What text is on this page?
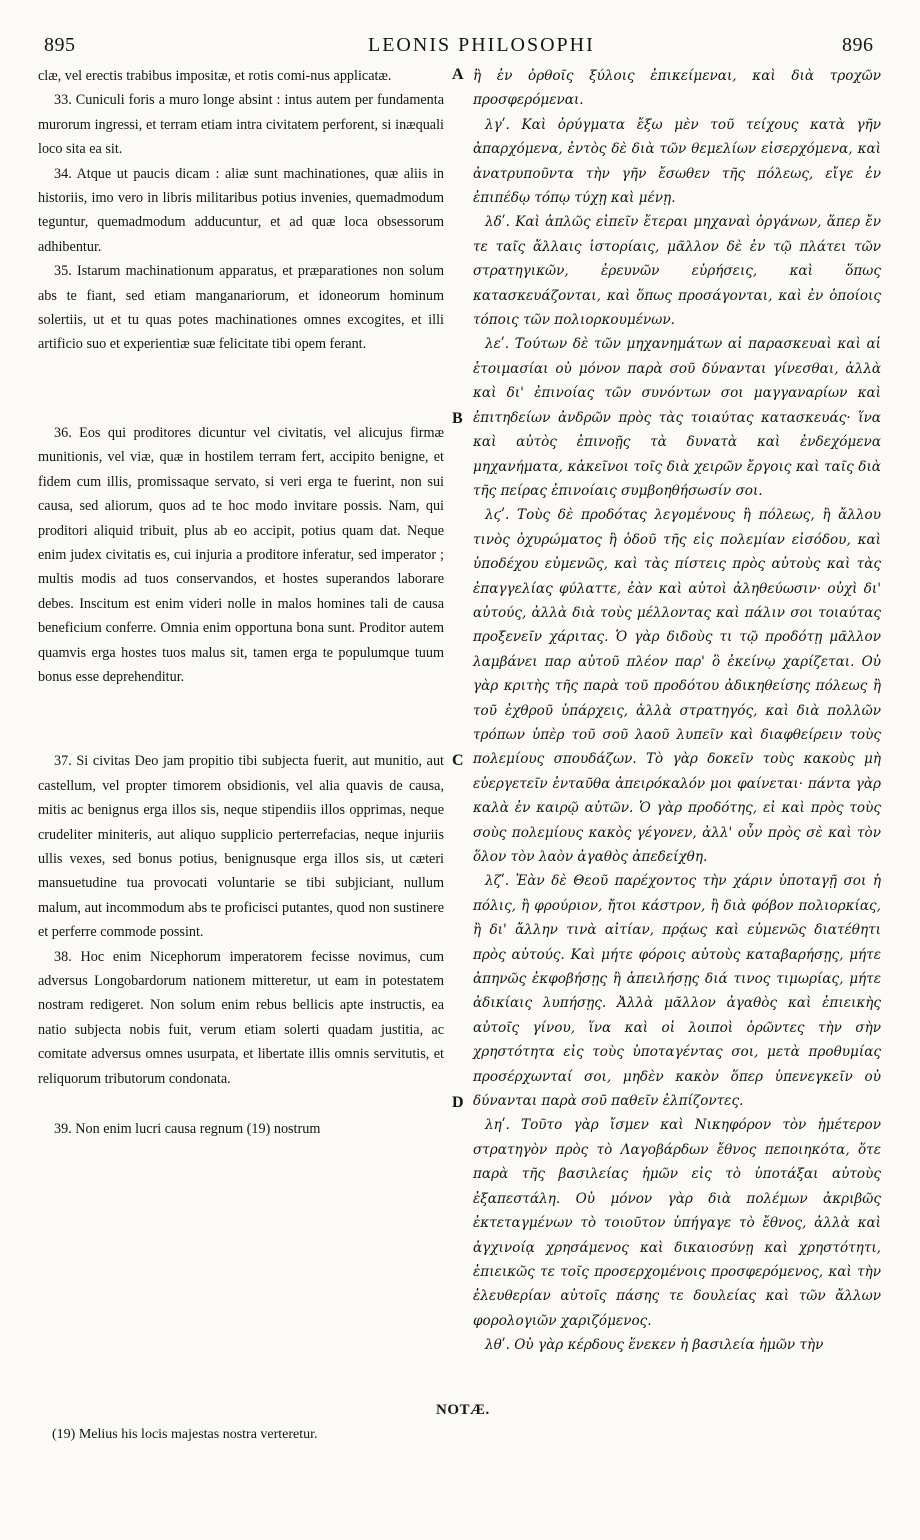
895	LEONIS PHILOSOPHI	896

clæ, vel erectis trabibus impositæ, et rotis comi-nus applicatæ.

33. Cuniculi foris a muro longe absint : intus autem per fundamenta murorum ingressi, et terram etiam intra civitatem perforent, si inæquali loco sita ea sit.

34. Atque ut paucis dicam : aliæ sunt machinationes, quæ aliis in historiis, imo vero in libris militaribus potius invenies, quemadmodum teguntur, quemadmodum adducuntur, et ad quæ loca obsessorum adhibentur.

35. Istarum machinationum apparatus, et præparationes non solum abs te fiant, sed etiam manganariorum, et idoneorum hominum solertiis, ut et tu quas potes machinationes omnes excogites, et illi artificio suo et experientiæ suæ felicitate tibi opem ferant.

36. Eos qui proditores dicuntur vel civitatis, vel alicujus firmæ munitionis, vel viæ, quæ in hostilem terram fert, accipito benigne, et fidem cum illis, promissaque servato, si veri erga te fuerint, non sui causa, sed aliorum, quos ad te hoc modo invitare possis. Nam, qui proditori aliquid tribuit, plus ab eo accipit, potius quam dat. Neque enim judex civitatis es, cui injuria a proditore inferatur, sed imperator ; multis modis ad tuos conservandos, et hostes superandos laborare debes. Inscitum est enim videri nolle in malos homines tali de causa beneficium conferre. Omnia enim opportuna bona sunt. Proditor autem quamvis erga hostes tuos malus sit, tamen erga te populumque tuum bonus esse deprehenditur.

37. Si civitas Deo jam propitio tibi subjecta fuerit, aut munitio, aut castellum, vel propter timorem obsidionis, vel alia quavis de causa, mitis ac benignus erga illos sis, neque stipendiis illos opprimas, neque crudeliter miniteris, aut aliquo supplicio perterrefacias, neque injuriis ullis vexes, sed bonus potius, benignusque erga illos sis, ut cæteri mansuetudine tua provocati voluntarie se tibi subjiciant, nullum malum, aut incommodum abs te proficisci putantes, quod non sustinere et perferre commode possint.

38. Hoc enim Nicephorum imperatorem fecisse novimus, cum adversus Longobardorum nationem mitteretur, ut eam in potestatem nostram redigeret. Non solum enim rebus bellicis apte instructis, ea natio subjecta nobis fuit, verum etiam solerti quadam justitia, ac comitate adversus omnes usurpata, et libertate illis omnis servitutis, et reliquorum tributorum condonata.

39. Non enim lucri causa regnum (19) nostrum

A
B
C
D

ἢ ἐν ὀρθοῖς ξύλοις ἐπικείμεναι, καὶ διὰ τροχῶν προσφερόμεναι.

λγʹ. Καὶ ὀρύγματα ἔξω μὲν τοῦ τείχους κατὰ γῆν ἀπαρχόμενα, ἐντὸς δὲ διὰ τῶν θεμελίων εἰσερχόμενα, καὶ ἀνατρυποῦντα τὴν γῆν ἔσωθεν τῆς πόλεως, εἴγε ἐν ἐπιπέδῳ τόπῳ τύχῃ καὶ μένῃ.

λδʹ. Καὶ ἁπλῶς εἰπεῖν ἕτεραι μηχαναὶ ὀργάνων, ἅπερ ἔν τε ταῖς ἄλλαις ἱστορίαις, μᾶλλον δὲ ἐν τῷ πλάτει τῶν στρατηγικῶν, ἐρευνῶν εὑρήσεις, καὶ ὅπως κατασκευάζονται, καὶ ὅπως προσάγονται, καὶ ἐν ὁποίοις τόποις τῶν πολιορκουμένων.

λεʹ. Τούτων δὲ τῶν μηχανημάτων αἱ παρασκευαὶ καὶ αἱ ἑτοιμασίαι οὐ μόνον παρὰ σοῦ δύνανται γίνεσθαι, ἀλλὰ καὶ δι' ἐπινοίας τῶν συνόντων σοι μαγγαναρίων καὶ ἐπιτηδείων ἀνδρῶν πρὸς τὰς τοιαύτας κατασκευάς· ἵνα καὶ αὐτὸς ἐπινοῇς τὰ δυνατὰ καὶ ἐνδεχόμενα μηχανήματα, κἀκεῖνοι τοῖς διὰ χειρῶν ἔργοις καὶ ταῖς διὰ τῆς πείρας ἐπινοίαις συμβοηθήσωσίν σοι.

λϛʹ. Τοὺς δὲ προδότας λεγομένους ἢ πόλεως, ἢ ἄλλου τινὸς ὀχυρώματος ἢ ὁδοῦ τῆς εἰς πολεμίαν εἰσόδου, καὶ ὑποδέχου εὐμενῶς, καὶ τὰς πίστεις πρὸς αὐτοὺς καὶ τὰς ἐπαγγελίας φύλαττε, ἐὰν καὶ αὐτοὶ ἀληθεύωσιν· οὐχὶ δι' αὐτούς, ἀλλὰ διὰ τοὺς μέλλοντας καὶ πάλιν σοι τοιαύτας προξενεῖν χάριτας. Ὁ γὰρ διδοὺς τι τῷ προδότῃ μᾶλλον λαμβάνει παρ αὐτοῦ πλέον παρ' ὃ ἐκείνῳ χαρίζεται. Οὐ γὰρ κριτὴς τῆς παρὰ τοῦ προδότου ἀδικηθείσης πόλεως ἢ τοῦ ἐχθροῦ ὑπάρχεις, ἀλλὰ στρατηγός, καὶ διὰ πολλῶν τρόπων ὑπὲρ τοῦ σοῦ λαοῦ λυπεῖν καὶ διαφθείρειν τοὺς πολεμίους σπουδάζων. Τὸ γὰρ δοκεῖν τοὺς κακοὺς μὴ εὐεργετεῖν ἐνταῦθα ἀπειρόκαλόν μοι φαίνεται· πάντα γὰρ καλὰ ἐν καιρῷ αὐτῶν. Ὁ γὰρ προδότης, εἰ καὶ πρὸς τοὺς σοὺς πολεμίους κακὸς γέγονεν, ἀλλ' οὖν πρὸς σὲ καὶ τὸν ὅλον τὸν λαὸν ἀγαθὸς ἀπεδείχθη.

λζʹ. Ἐὰν δὲ Θεοῦ παρέχοντος τὴν χάριν ὑποταγῇ σοι ἡ πόλις, ἢ φρούριον, ἤτοι κάστρον, ἢ διὰ φόβον πολιορκίας, ἢ δι' ἄλλην τινὰ αἰτίαν, πρᾴως καὶ εὐμενῶς διατέθητι πρὸς αὐτούς. Καὶ μήτε φόροις αὐτοὺς καταβαρήσῃς, μήτε ἀπηνῶς ἐκφοβήσῃς ἢ ἀπειλήσῃς διά τινος τιμωρίας, μήτε ἀδικίαις λυπήσῃς. Ἀλλὰ μᾶλλον ἀγαθὸς καὶ ἐπιεικὴς αὐτοῖς γίνου, ἵνα καὶ οἱ λοιποὶ ὁρῶντες τὴν σὴν χρηστότητα εἰς τοὺς ὑποταγέντας σοι, μετὰ προθυμίας προσέρχωνταί σοι, μηδὲν κακὸν ὅπερ ὑπενεγκεῖν οὐ δύνανται παρὰ σοῦ παθεῖν ἐλπίζοντες.

ληʹ. Τοῦτο γὰρ ἴσμεν καὶ Νικηφόρον τὸν ἡμέτερον στρατηγὸν πρὸς τὸ Λαγοβάρδων ἔθνος πεποιηκότα, ὅτε παρὰ τῆς βασιλείας ἡμῶν εἰς τὸ ὑποτάξαι αὐτοὺς ἐξαπεστάλη. Οὐ μόνον γὰρ διὰ πολέμων ἀκριβῶς ἐκτεταγμένων τὸ τοιοῦτον ὑπήγαγε τὸ ἔθνος, ἀλλὰ καὶ ἀγχινοίᾳ χρησάμενος καὶ δικαιοσύνῃ καὶ χρηστότητι, ἐπιεικῶς τε τοῖς προσερχομένοις προσφερόμενος, καὶ τὴν ἐλευθερίαν αὐτοῖς πάσης τε δουλείας καὶ τῶν ἄλλων φορολογιῶν χαριζόμενος.

λθʹ. Οὐ γὰρ κέρδους ἕνεκεν ἡ βασιλεία ἡμῶν τὴν

NOTÆ.
(19) Melius his locis majestas nostra verteretur.
